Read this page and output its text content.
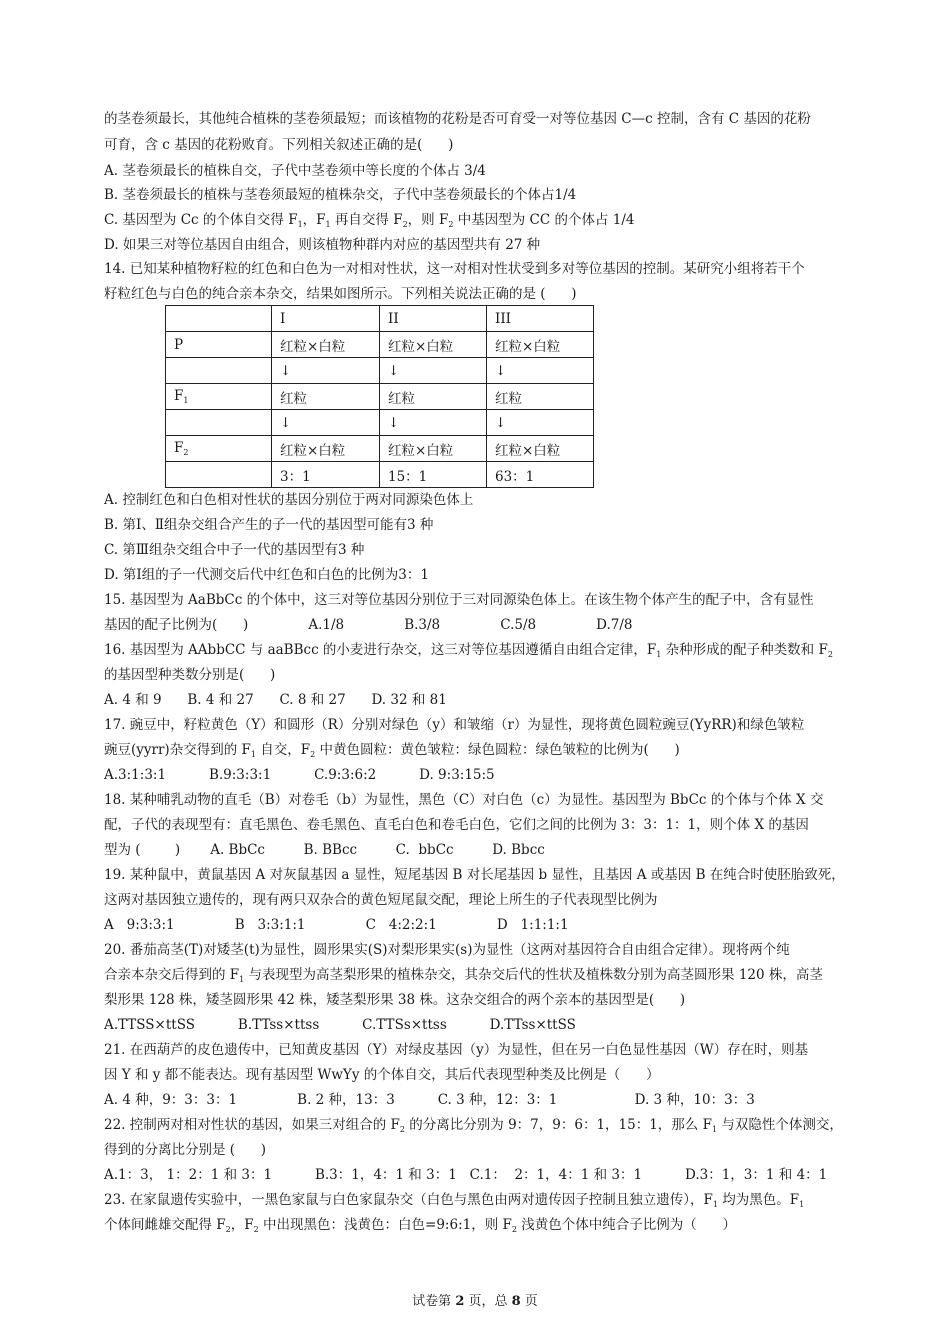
的茎卷须最长，其他纯合植株的茎卷须最短；而该植物的花粉是否可育受一对等位基因 C—c 控制，含有 C 基因的花粉
可育，含 c 基因的花粉败育。下列相关叙述正确的是(      )
A. 茎卷须最长的植株自交，子代中茎卷须中等长度的个体占 3/4
B. 茎卷须最长的植株与茎卷须最短的植株杂交，子代中茎卷须最长的个体占1/4
C. 基因型为 Cc 的个体自交得 $F_1$，$F_1$ 再自交得 $F_2$，则 $F_2$ 中基因型为 CC 的个体占 1/4
D. 如果三对等位基因自由组合，则该植物种群内对应的基因型共有 27 种
14. 已知某种植物籽粒的红色和白色为一对相对性状，这一对相对性状受到多对等位基因的控制。某研究小组将若干个
籽粒红色与白色的纯合亲本杂交，结果如图所示。下列相关说法正确的是 (      )
	I	II	III
P	红粒×白粒	红粒×白粒	红粒×白粒
	↓	↓	↓
$F_1$	红粒	红粒	红粒
	↓	↓	↓
$F_2$	红粒×白粒	红粒×白粒	红粒×白粒
	3：1	15：1	63：1
A. 控制红色和白色相对性状的基因分别位于两对同源染色体上
B. 第Ⅰ、Ⅱ组杂交组合产生的子一代的基因型可能有3 种
C. 第Ⅲ组杂交组合中子一代的基因型有3 种
D. 第Ⅰ组的子一代测交后代中红色和白色的比例为3：1
15. 基因型为 AaBbCc 的个体中，这三对等位基因分别位于三对同源染色体上。在该生物个体产生的配子中，含有显性
基因的配子比例为(      )              A.1/8              B.3/8              C.5/8              D.7/8
16. 基因型为 AAbbCC 与 aaBBcc 的小麦进行杂交，这三对等位基因遵循自由组合定律，$F_1$ 杂种形成的配子种类数和 $F_2$
的基因型种类数分别是(      )
A. 4 和 9      B. 4 和 27      C. 8 和 27      D. 32 和 81
17. 豌豆中，籽粒黄色（Y）和圆形（R）分别对绿色（y）和皱缩（r）为显性，现将黄色圆粒豌豆(YyRR)和绿色皱粒
豌豆(yyrr)杂交得到的 $F_1$ 自交，$F_2$ 中黄色圆粒：黄色皱粒：绿色圆粒：绿色皱粒的比例为(      )
A.3:1:3:1          B.9:3:3:1          C.9:3:6:2          D. 9:3:15:5
18. 某种哺乳动物的直毛（B）对卷毛（b）为显性，黑色（C）对白色（c）为显性。基因型为 BbCc 的个体与个体 X 交
配，子代的表现型有：直毛黑色、卷毛黑色、直毛白色和卷毛白色，它们之间的比例为 3：3：1：1，则个体 X 的基因
型为 (        )       A. BbCc         B. BBcc         C.  bbCc         D. Bbcc
19. 某种鼠中，黄鼠基因 A 对灰鼠基因 a 显性，短尾基因 B 对长尾基因 b 显性，且基因 A 或基因 B 在纯合时使胚胎致死，
这两对基因独立遗传的，现有两只双杂合的黄色短尾鼠交配，理论上所生的子代表现型比例为
A   9:3:3:1              B   3:3:1:1              C   4:2:2:1              D   1:1:1:1
20. 番茄高茎(T)对矮茎(t)为显性，圆形果实(S)对梨形果实(s)为显性（这两对基因符合自由组合定律）。现将两个纯
合亲本杂交后得到的 $F_1$ 与表现型为高茎梨形果的植株杂交，其杂交后代的性状及植株数分别为高茎圆形果 120 株，高茎
梨形果 128 株，矮茎圆形果 42 株，矮茎梨形果 38 株。这杂交组合的两个亲本的基因型是(      )
A.TTSS×ttSS          B.TTss×ttss          C.TTSs×ttss          D.TTss×ttSS
21. 在西葫芦的皮色遗传中，已知黄皮基因（Y）对绿皮基因（y）为显性，但在另一白色显性基因（W）存在时，则基
因 Y 和 y 都不能表达。现有基因型 WwYy 的个体自交，其后代表现型种类及比例是（      ）
A. 4 种，9：3：3：1              B. 2 种，13：3          C. 3 种，12：3：1                  D. 3 种，10：3：3
22. 控制两对相对性状的基因，如果三对组合的 $F_2$ 的分离比分别为 9：7，9：6：1，15：1，那么 $F_1$ 与双隐性个体测交，
得到的分离比分别是 (      )
A.1：3， 1：2：1 和 3：1          B.3：1，4：1 和 3：1   C.1：  2：1，4：1 和 3：1          D.3：1，3：1 和 4：1
23. 在家鼠遗传实验中，一黑色家鼠与白色家鼠杂交（白色与黑色由两对遗传因子控制且独立遗传），$F_1$ 均为黑色。$F_1$
个体间雌雄交配得 $F_2$，$F_2$ 中出现黑色：浅黄色：白色=9:6:1，则 $F_2$ 浅黄色个体中纯合子比例为（      ）
试卷第 2 页，总 8 页
